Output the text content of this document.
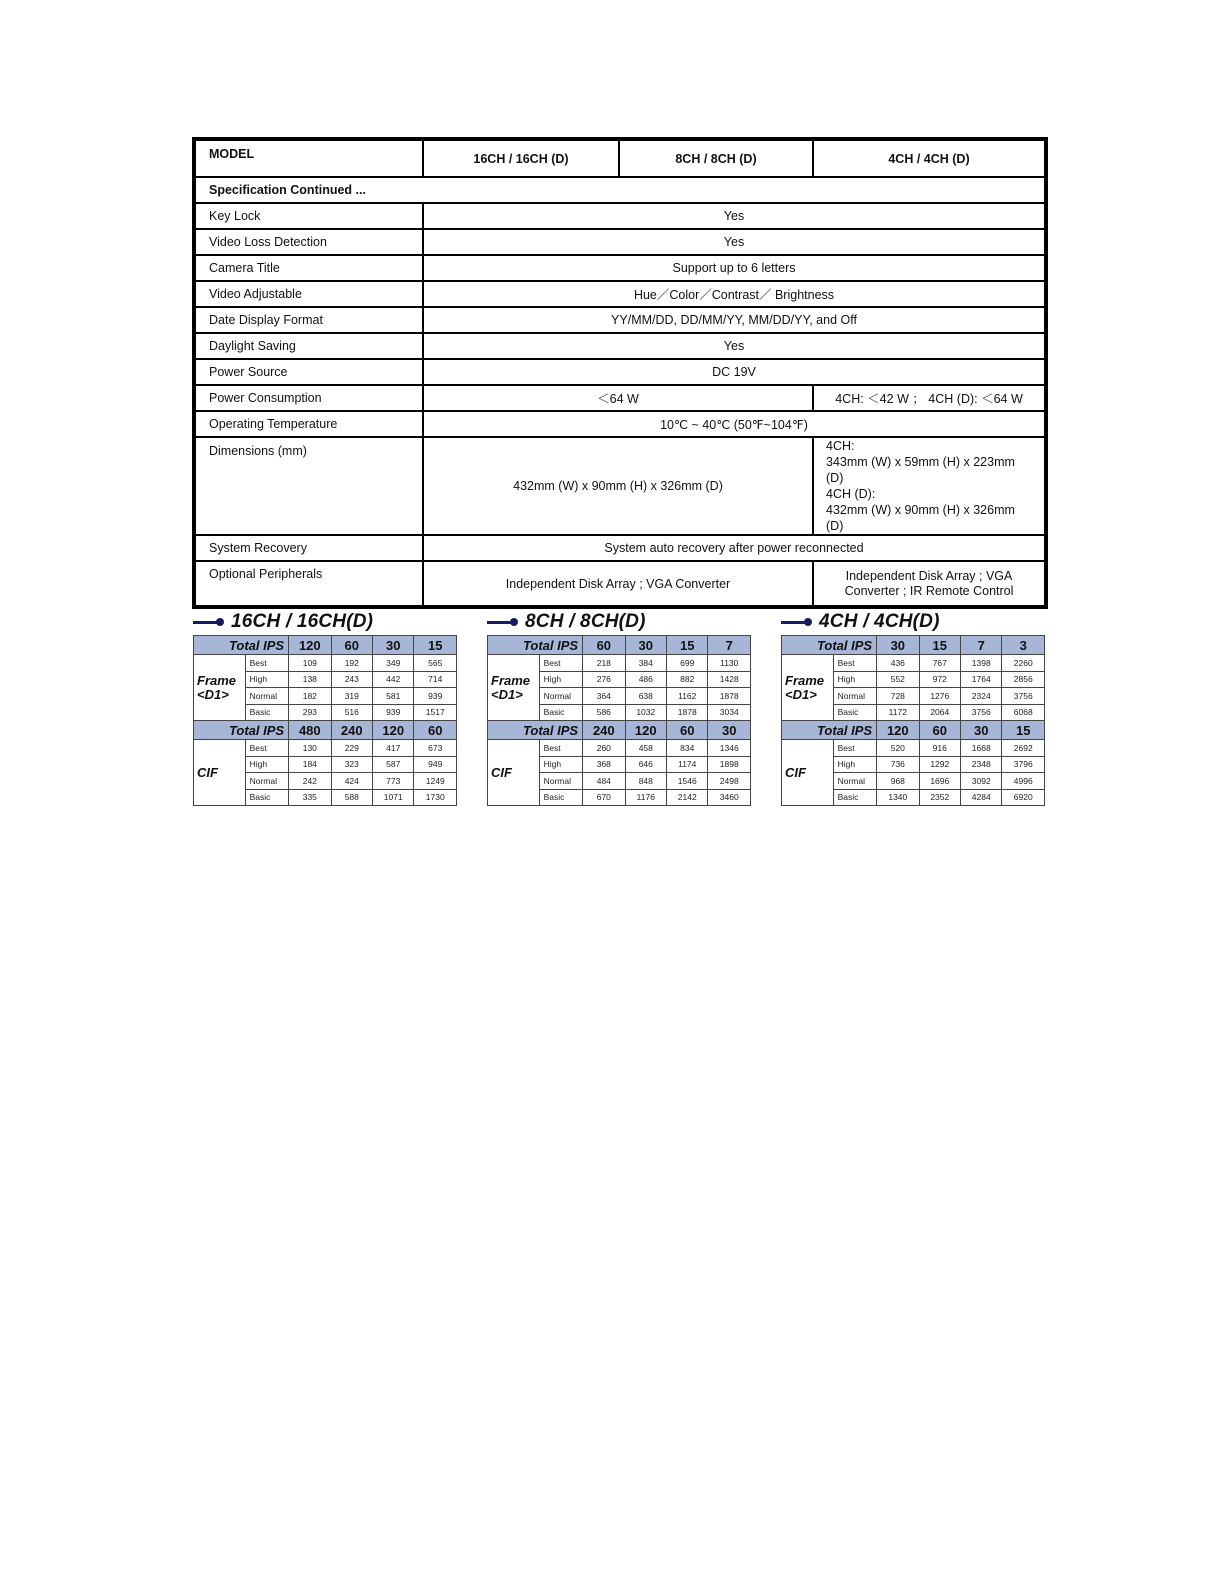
MODEL	16CH / 16CH (D)	8CH / 8CH (D)	4CH / 4CH (D)
Specification Continued ...			
Key Lock	Yes		
Video Loss Detection	Yes		
Camera Title	Support up to 6 letters		
Video Adjustable	Hue／Color／Contrast／ Brightness		
Date Display Format	YY/MM/DD, DD/MM/YY, MM/DD/YY, and Off		
Daylight Saving	Yes		
Power Source	DC 19V		
Power Consumption	＜64 W		4CH: ＜42 W ； 4CH (D): ＜64 W
Operating Temperature	10℃ ~ 40℃ (50℉~104℉)		
Dimensions (mm)	432mm (W) x 90mm (H) x 326mm (D)		4CH:
343mm (W) x 59mm (H) x 223mm (D)
4CH (D):
432mm (W) x 90mm (H) x 326mm (D)

System Recovery	System auto recovery after power reconnected		
Optional Peripherals	Independent Disk Array ; VGA Converter		Independent Disk Array ; VGA
Converter ; IR Remote Control
16CH / 16CH(D)
Total IPS		120	60	30	15

Frame
<D1>	Best	109	192	349	565
	High	138	243	442	714
	Normal	182	319	581	939
	Basic	293	516	939	1517
Total IPS		480	240	120	60
CIF	Best	130	229	417	673
	High	184	323	587	949
	Normal	242	424	773	1249
	Basic	335	588	1071	1730
8CH / 8CH(D)
Total IPS		60	30	15	7

Frame
<D1>	Best	218	384	699	1130
	High	276	486	882	1428
	Normal	364	638	1162	1878
	Basic	586	1032	1878	3034
Total IPS		240	120	60	30
CIF	Best	260	458	834	1346
	High	368	646	1174	1898
	Normal	484	848	1546	2498
	Basic	670	1176	2142	3460
4CH / 4CH(D)
Total IPS		30	15	7	3

Frame
<D1>	Best	436	767	1398	2260
	High	552	972	1764	2856
	Normal	728	1276	2324	3756
	Basic	1172	2064	3756	6068
Total IPS		120	60	30	15
CIF	Best	520	916	1668	2692
	High	736	1292	2348	3796
	Normal	968	1696	3092	4996
	Basic	1340	2352	4284	6920
